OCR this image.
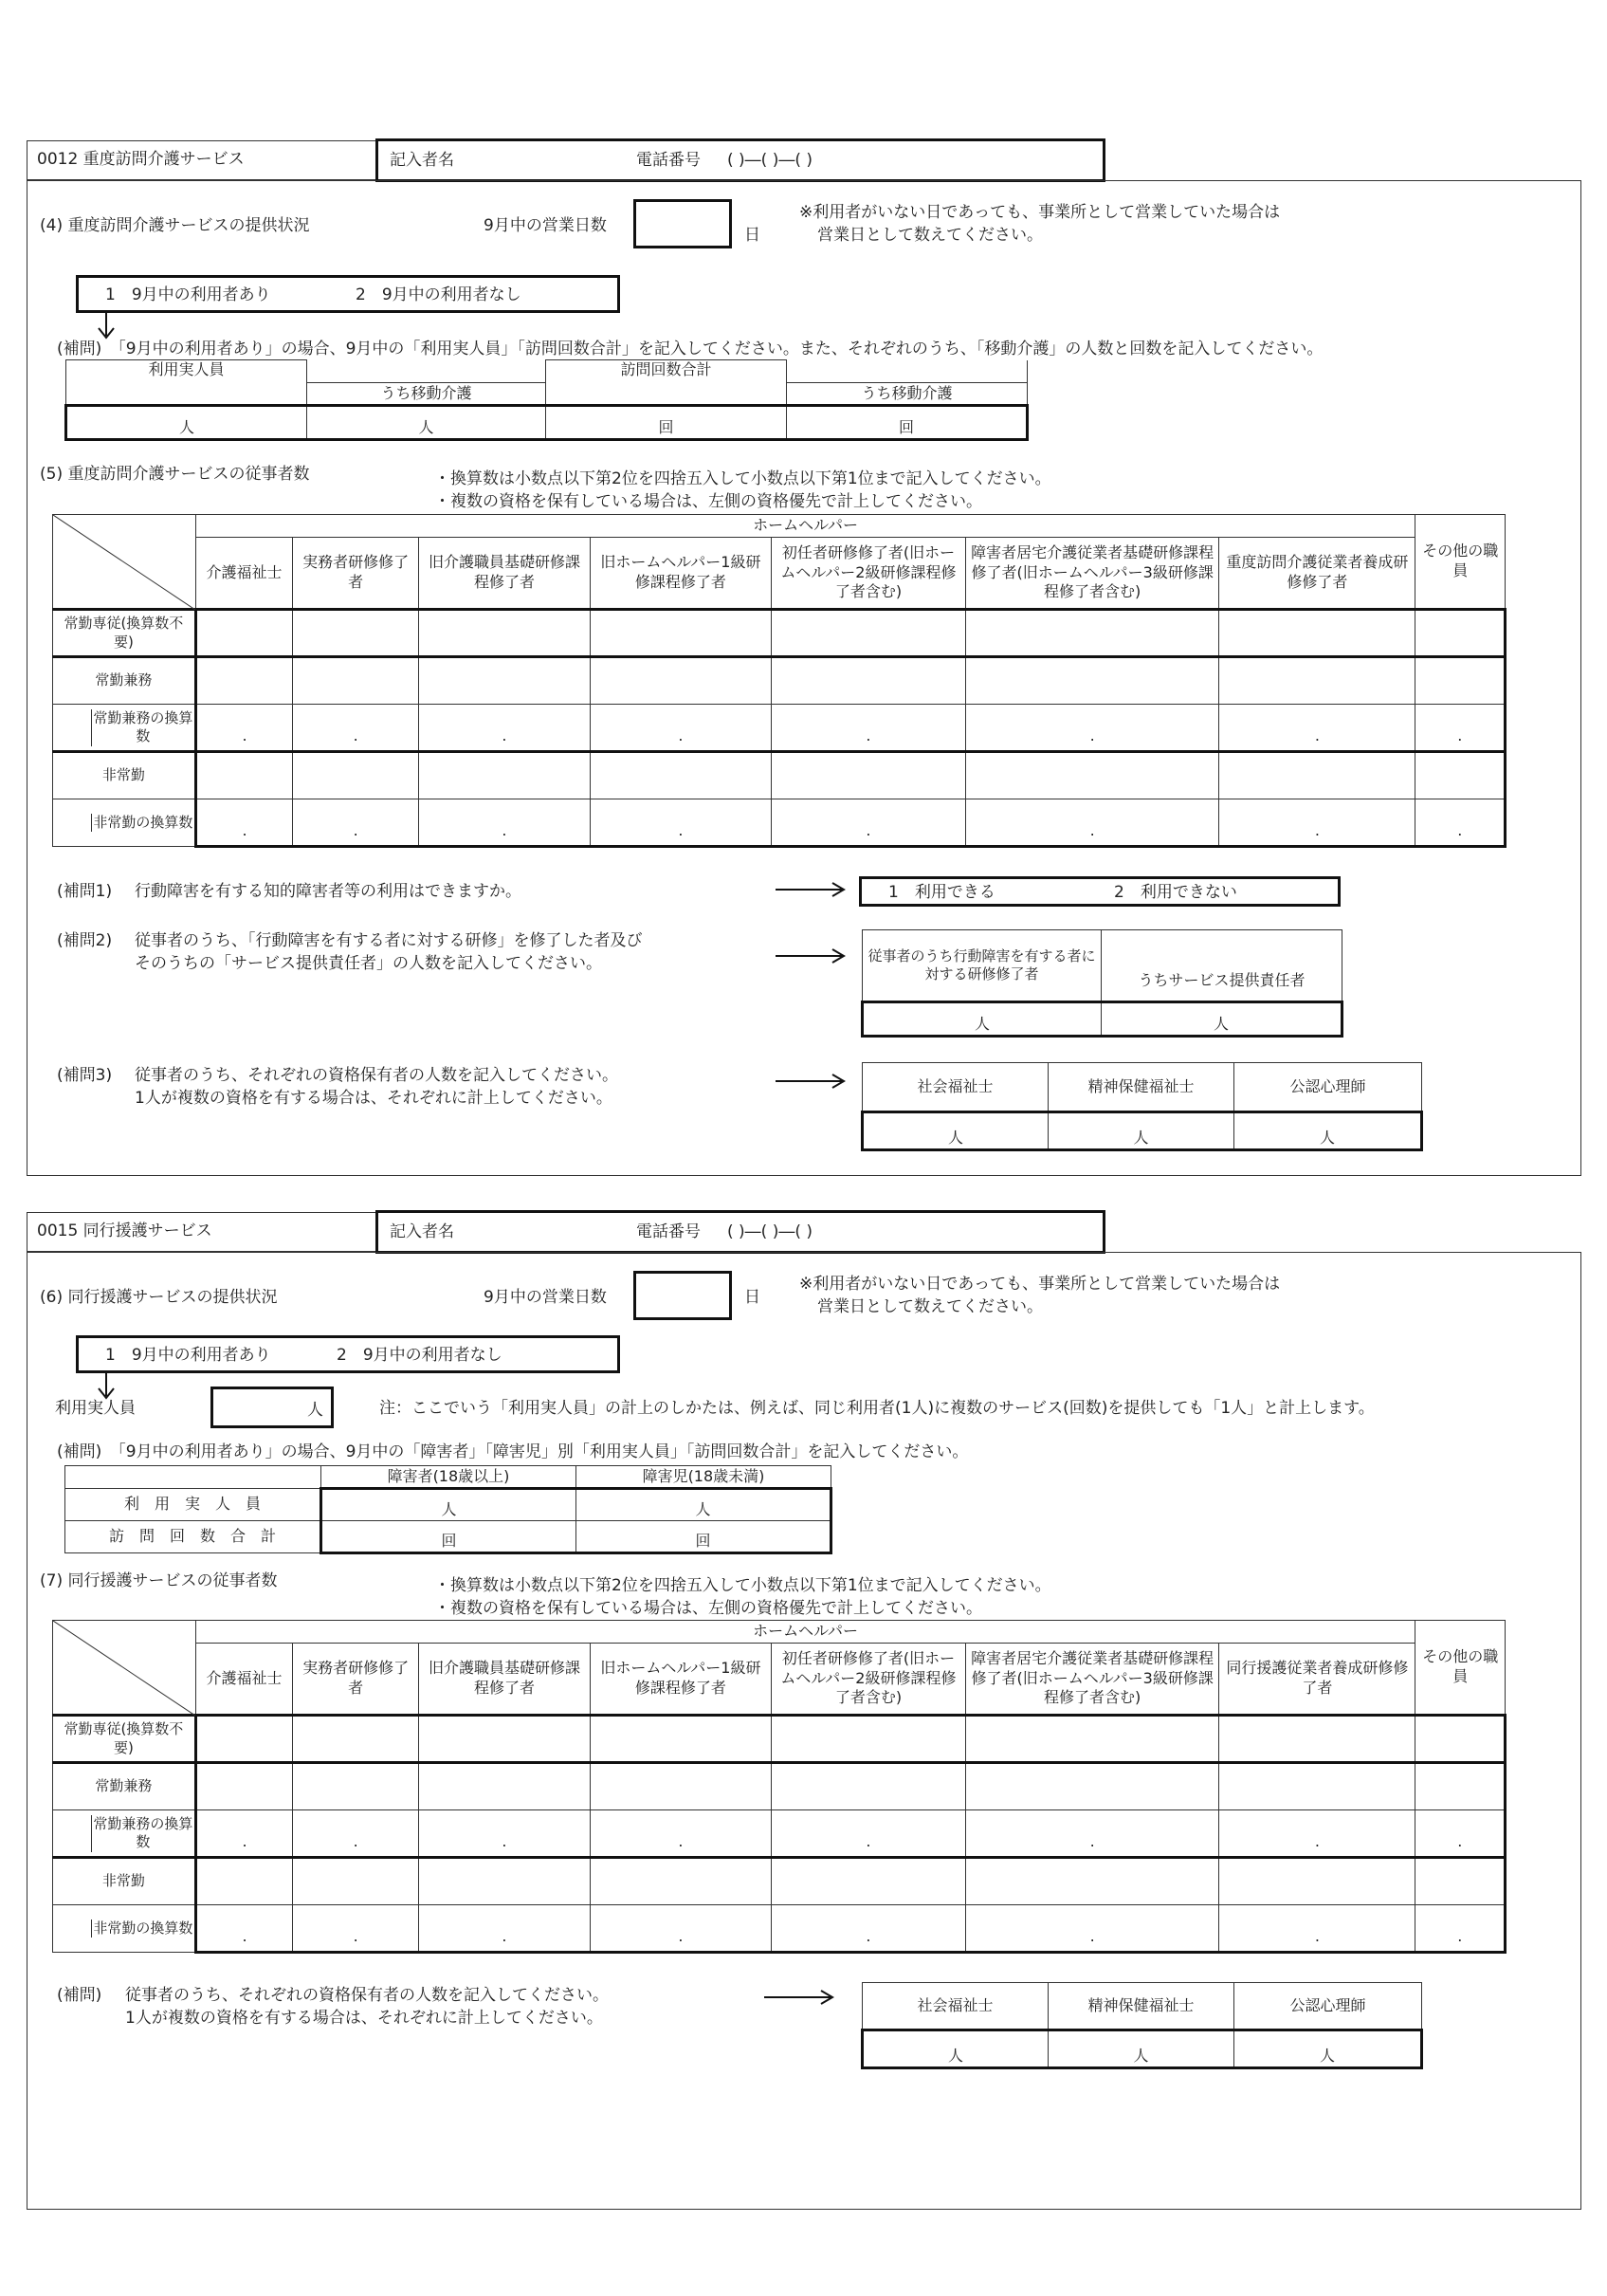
0012 重度訪問介護サービス	記入者名	電話番号 ( )―( )―( )
(4) 重度訪問介護サービスの提供状況	9月中の営業日数	日
※利用者がいない日であっても、事業所として営業していた場合は
営業日として数えてください。
1　9月中の利用者あり	2　9月中の利用者なし
(補問)　「9月中の利用者あり」の場合、9月中の「利用実人員」「訪問回数合計」を記入してください。また、それぞれのうち、「移動介護」の人数と回数を記入してください。
利用実人員		訪問回数合計	
	うち移動介護		うち移動介護
人	人	回	回
(5) 重度訪問介護サービスの従事者数	・換算数は小数点以下第2位を四捨五入して小数点以下第1位まで記入してください。
・複数の資格を保有している場合は、左側の資格優先で計上してください。
	ホームヘルパー							その他の職　　員
	介護福祉士	実務者研修修了者	旧介護職員基礎研修課程修了者	旧ホームヘルパー1級研修課程修了者	初任者研修修了者(旧ホームヘルパー2級研修課程修了者含む)	障害者居宅介護従業者基礎研修課程修了者(旧ホームヘルパー3級研修課程修了者含む)	重度訪問介護従業者養成研修修了者	
常勤専従(換算数不要)								
常勤兼務								

常勤兼務の換算数	.	.	.	.	.	.	.	.
非常勤								

非常勤の換算数	.	.	.	.	.	.	.	.
(補問1) 行動障害を有する知的障害者等の利用はできますか。	1　利用できる	2　利用できない
(補問2) 従事者のうち、「行動障害を有する者に対する研修」を修了した者及び
そのうちの「サービス提供責任者」の人数を記入してください。	従事者のうち行動障害を有する者に対する研修修了者	うちサービス提供責任者
人	人
(補問3) 従事者のうち、それぞれの資格保有者の人数を記入してください。
1人が複数の資格を有する場合は、それぞれに計上してください。
社会福祉士	精神保健福祉士	公認心理師
人	人	人
0015 同行援護サービス	記入者名	電話番号 ( )―( )―( )
(6) 同行援護サービスの提供状況	9月中の営業日数	日
※利用者がいない日であっても、事業所として営業していた場合は
営業日として数えてください。
1　9月中の利用者あり	2　9月中の利用者なし
利用実人員	人	注：ここでいう「利用実人員」の計上のしかたは、例えば、同じ利用者(1人)に複数のサービス(回数)を提供しても「1人」と計上します。
(補問)　「9月中の利用者あり」の場合、9月中の「障害者」「障害児」別「利用実人員」「訪問回数合計」を記入してください。
	障害者(18歳以上)	障害児(18歳未満)
利　用　実　人　員	人	人
訪　問　回　数　合　計	回	回
(7) 同行援護サービスの従事者数	・換算数は小数点以下第2位を四捨五入して小数点以下第1位まで記入してください。
・複数の資格を保有している場合は、左側の資格優先で計上してください。
	ホームヘルパー							その他の職　　員
	介護福祉士	実務者研修修了者	旧介護職員基礎研修課程修了者	旧ホームヘルパー1級研修課程修了者	初任者研修修了者(旧ホームヘルパー2級研修課程修了者含む)	障害者居宅介護従業者基礎研修課程修了者(旧ホームヘルパー3級研修課程修了者含む)	同行援護従業者養成研修修了者	
常勤専従(換算数不要)								
常勤兼務								

常勤兼務の換算数	.	.	.	.	.	.	.	.
非常勤								

非常勤の換算数	.	.	.	.	.	.	.	.
(補問) 従事者のうち、それぞれの資格保有者の人数を記入してください。
1人が複数の資格を有する場合は、それぞれに計上してください。
社会福祉士	精神保健福祉士	公認心理師
人	人	人
